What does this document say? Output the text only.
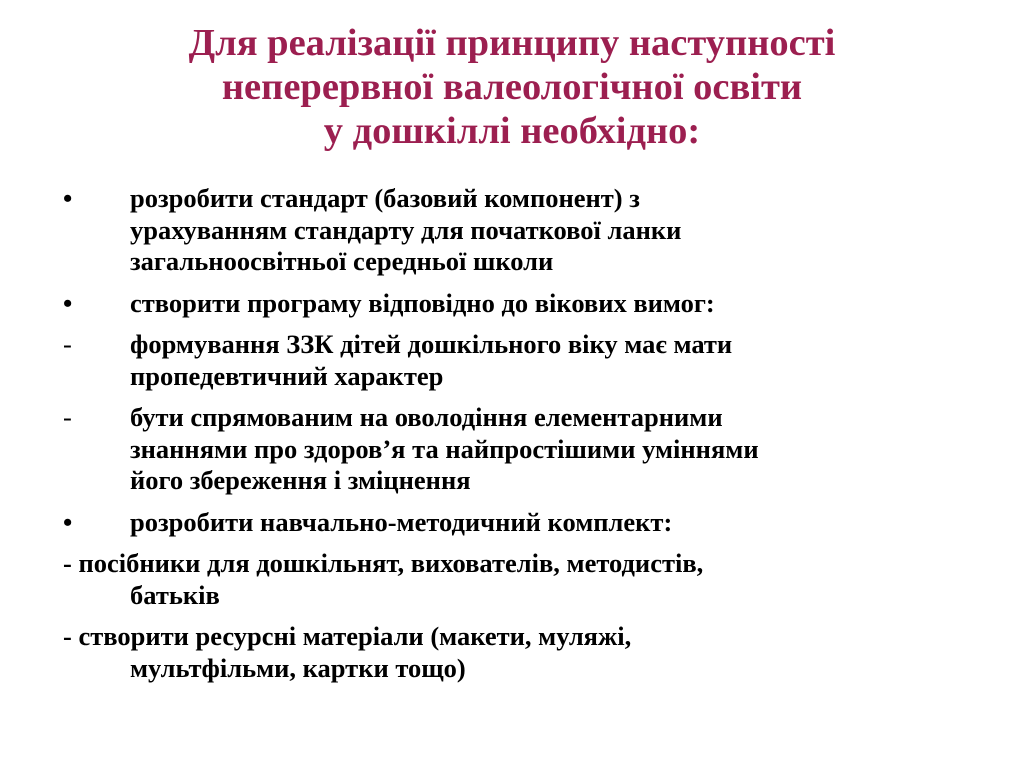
Для реалізації принципу наступності
неперервної валеологічної освіти
у дошкіллі необхідно:
•	розробити стандарт (базовий компонент) з
урахуванням стандарту для початкової ланки
загальноосвітньої середньої школи
•	створити програму відповідно до вікових вимог:
-	формування ЗЗК дітей дошкільного віку має мати
пропедевтичний характер
-	бути спрямованим на оволодіння елементарними
знаннями про здоров’я та найпростішими уміннями
його збереження і зміцнення
•	розробити навчально-методичний комплект:
- посібники для дошкільнят, вихователів, методистів,
батьків
- створити ресурсні матеріали (макети, муляжі,
мультфільми, картки тощо)
